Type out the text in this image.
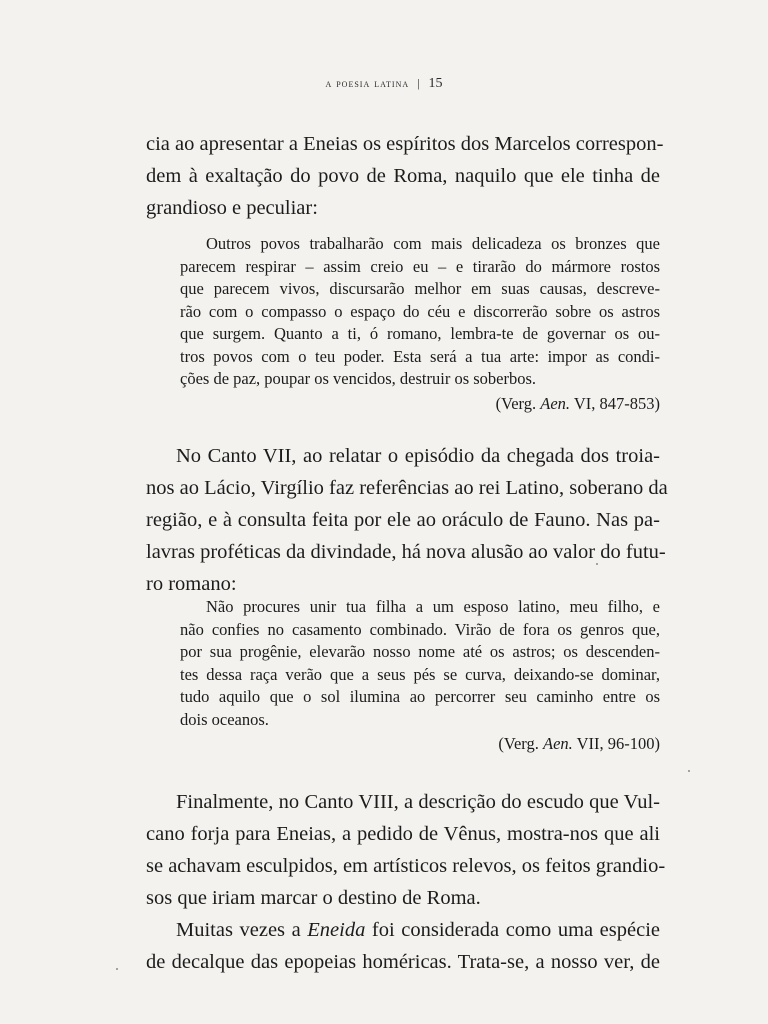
a poesia latina | 15
cia ao apresentar a Eneias os espíritos dos Marcelos correspon-
dem à exaltação do povo de Roma, naquilo que ele tinha de
grandioso e peculiar:
Outros povos trabalharão com mais delicadeza os bronzes que
parecem respirar – assim creio eu – e tirarão do mármore rostos
que parecem vivos, discursarão melhor em suas causas, descreve-
rão com o compasso o espaço do céu e discorrerão sobre os astros
que surgem. Quanto a ti, ó romano, lembra-te de governar os ou-
tros povos com o teu poder. Esta será a tua arte: impor as condi-
ções de paz, poupar os vencidos, destruir os soberbos.
(Verg. Aen. VI, 847-853)
No Canto VII, ao relatar o episódio da chegada dos troia-
nos ao Lácio, Virgílio faz referências ao rei Latino, soberano da
região, e à consulta feita por ele ao oráculo de Fauno. Nas pa-
lavras proféticas da divindade, há nova alusão ao valor do futu-
ro romano:
Não procures unir tua filha a um esposo latino, meu filho, e
não confies no casamento combinado. Virão de fora os genros que,
por sua progênie, elevarão nosso nome até os astros; os descenden-
tes dessa raça verão que a seus pés se curva, deixando-se dominar,
tudo aquilo que o sol ilumina ao percorrer seu caminho entre os
dois oceanos.
(Verg. Aen. VII, 96-100)
Finalmente, no Canto VIII, a descrição do escudo que Vul-
cano forja para Eneias, a pedido de Vênus, mostra-nos que ali
se achavam esculpidos, em artísticos relevos, os feitos grandio-
sos que iriam marcar o destino de Roma.
Muitas vezes a Eneida foi considerada como uma espécie
de decalque das epopeias homéricas. Trata-se, a nosso ver, de
